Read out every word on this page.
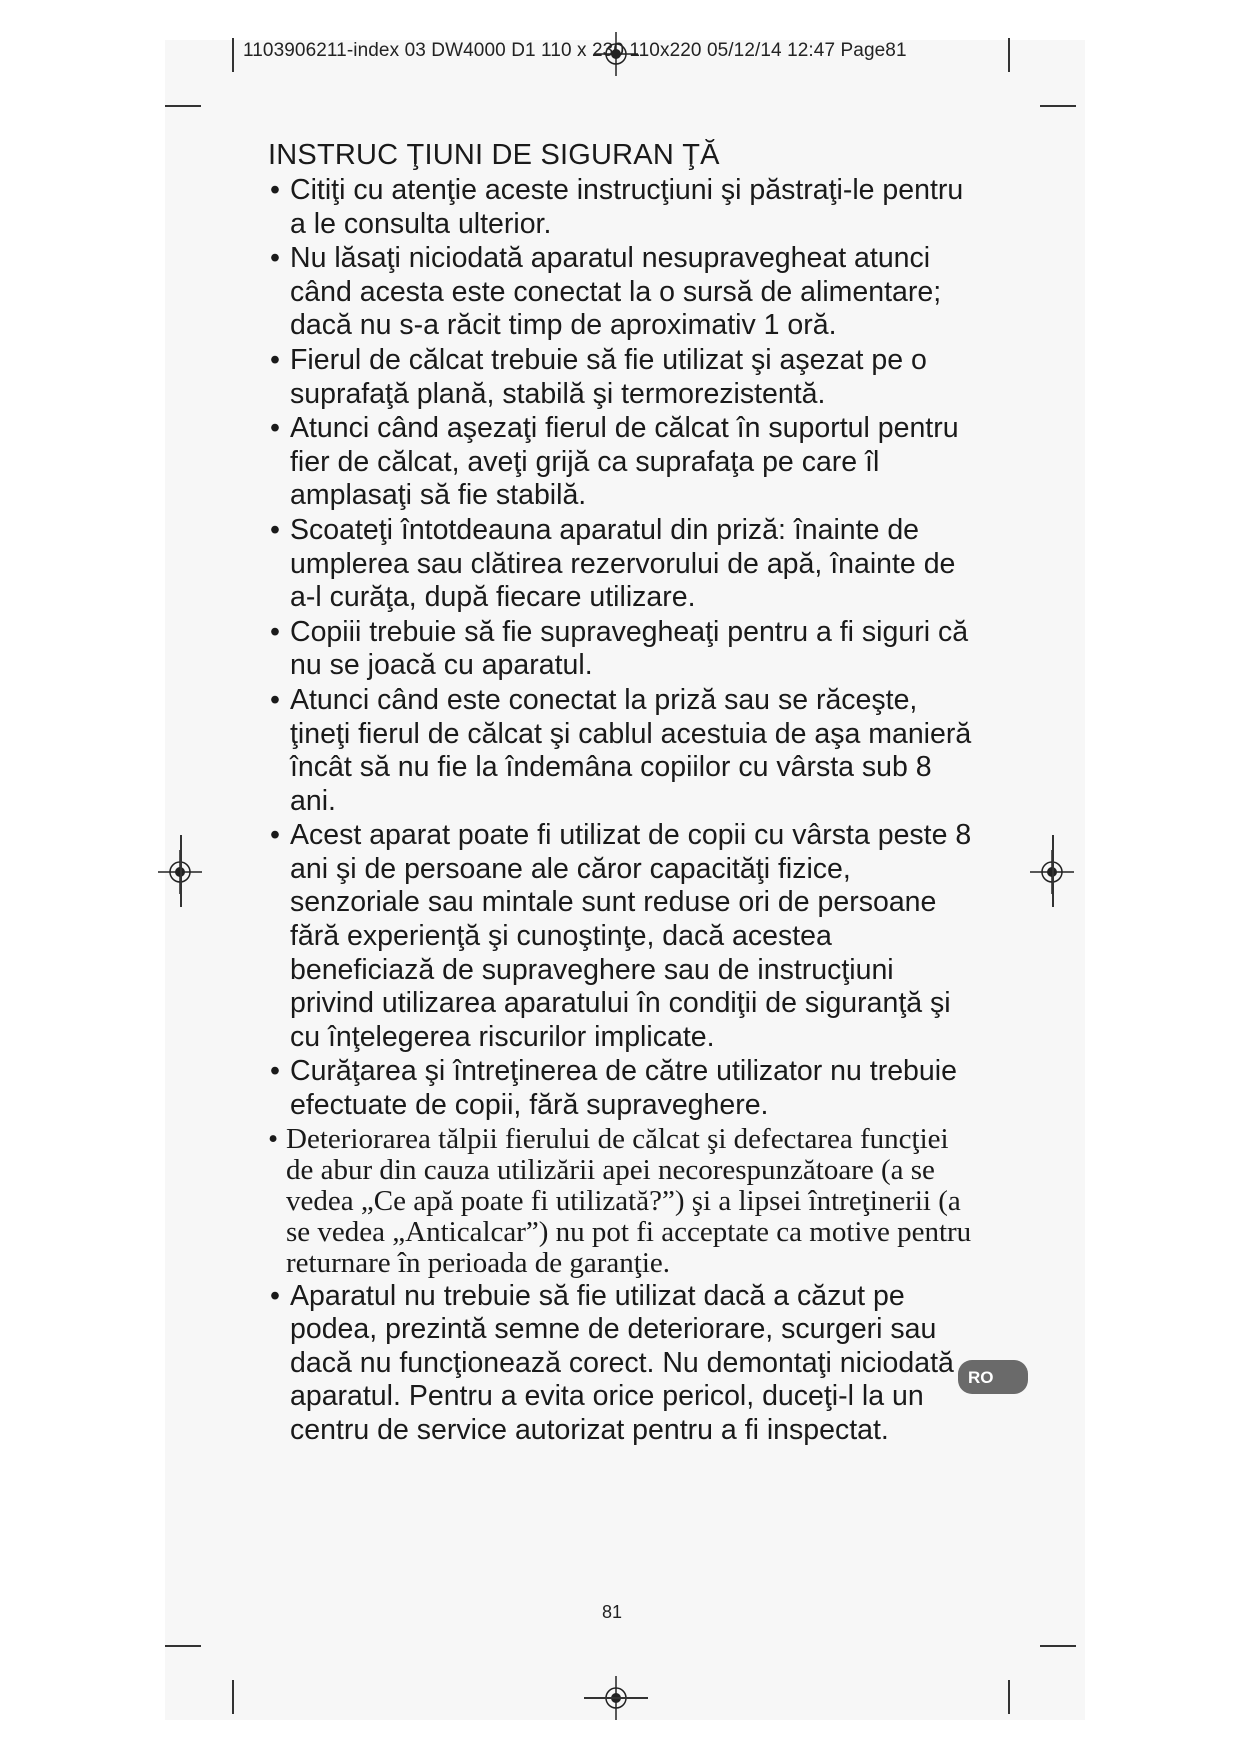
1103906211-index 03 DW4000 D1 110 x 230 110x220 05/12/14 12:47 Page81
INSTRUC ŢIUNI DE SIGURAN ŢĂ
• Citiţi cu atenţie aceste instrucţiuni şi păstraţi-le pentru a le consulta ulterior.
• Nu lăsaţi niciodată aparatul nesupravegheat atunci când acesta este conectat la o sursă de alimentare; dacă nu s-a răcit timp de aproximativ 1 oră.
• Fierul de călcat trebuie să fie utilizat şi aşezat pe o suprafaţă plană, stabilă şi termorezistentă.
• Atunci când aşezaţi fierul de călcat în suportul pentru fier de călcat, aveţi grijă ca suprafaţa pe care îl amplasaţi să fie stabilă.
• Scoateţi întotdeauna aparatul din priză: înainte de umplerea sau clătirea rezervorului de apă, înainte de a-l curăţa, după fiecare utilizare.
• Copiii trebuie să fie supravegheaţi pentru a fi siguri că nu se joacă cu aparatul.
• Atunci când este conectat la priză sau se răceşte, ţineţi fierul de călcat şi cablul acestuia de aşa manieră încât să nu fie la îndemâna copiilor cu vârsta sub 8 ani.
• Acest aparat poate fi utilizat de copii cu vârsta peste 8 ani şi de persoane ale căror capacităţi fizice, senzoriale sau mintale sunt reduse ori de persoane fără experienţă şi cunoştinţe, dacă acestea beneficiază de supraveghere sau de instrucţiuni privind utilizarea aparatului în condiţii de siguranţă şi cu înţelegerea riscurilor implicate.
• Curăţarea şi întreţinerea de către utilizator nu trebuie efectuate de copii, fără supraveghere.
• Deteriorarea tălpii fierului de călcat şi defectarea funcţiei de abur din cauza utilizării apei necorespunzătoare (a se vedea „Ce apă poate fi utilizată?”) şi a lipsei întreţinerii (a se vedea „Anticalcar”) nu pot fi acceptate ca motive pentru returnare în perioada de garanţie.
• Aparatul nu trebuie să fie utilizat dacă a căzut pe podea, prezintă semne de deteriorare, scurgeri sau dacă nu funcţionează corect. Nu demontaţi niciodată aparatul. Pentru a evita orice pericol, duceţi-l la un centru de service autorizat pentru a fi inspectat.
RO
81
